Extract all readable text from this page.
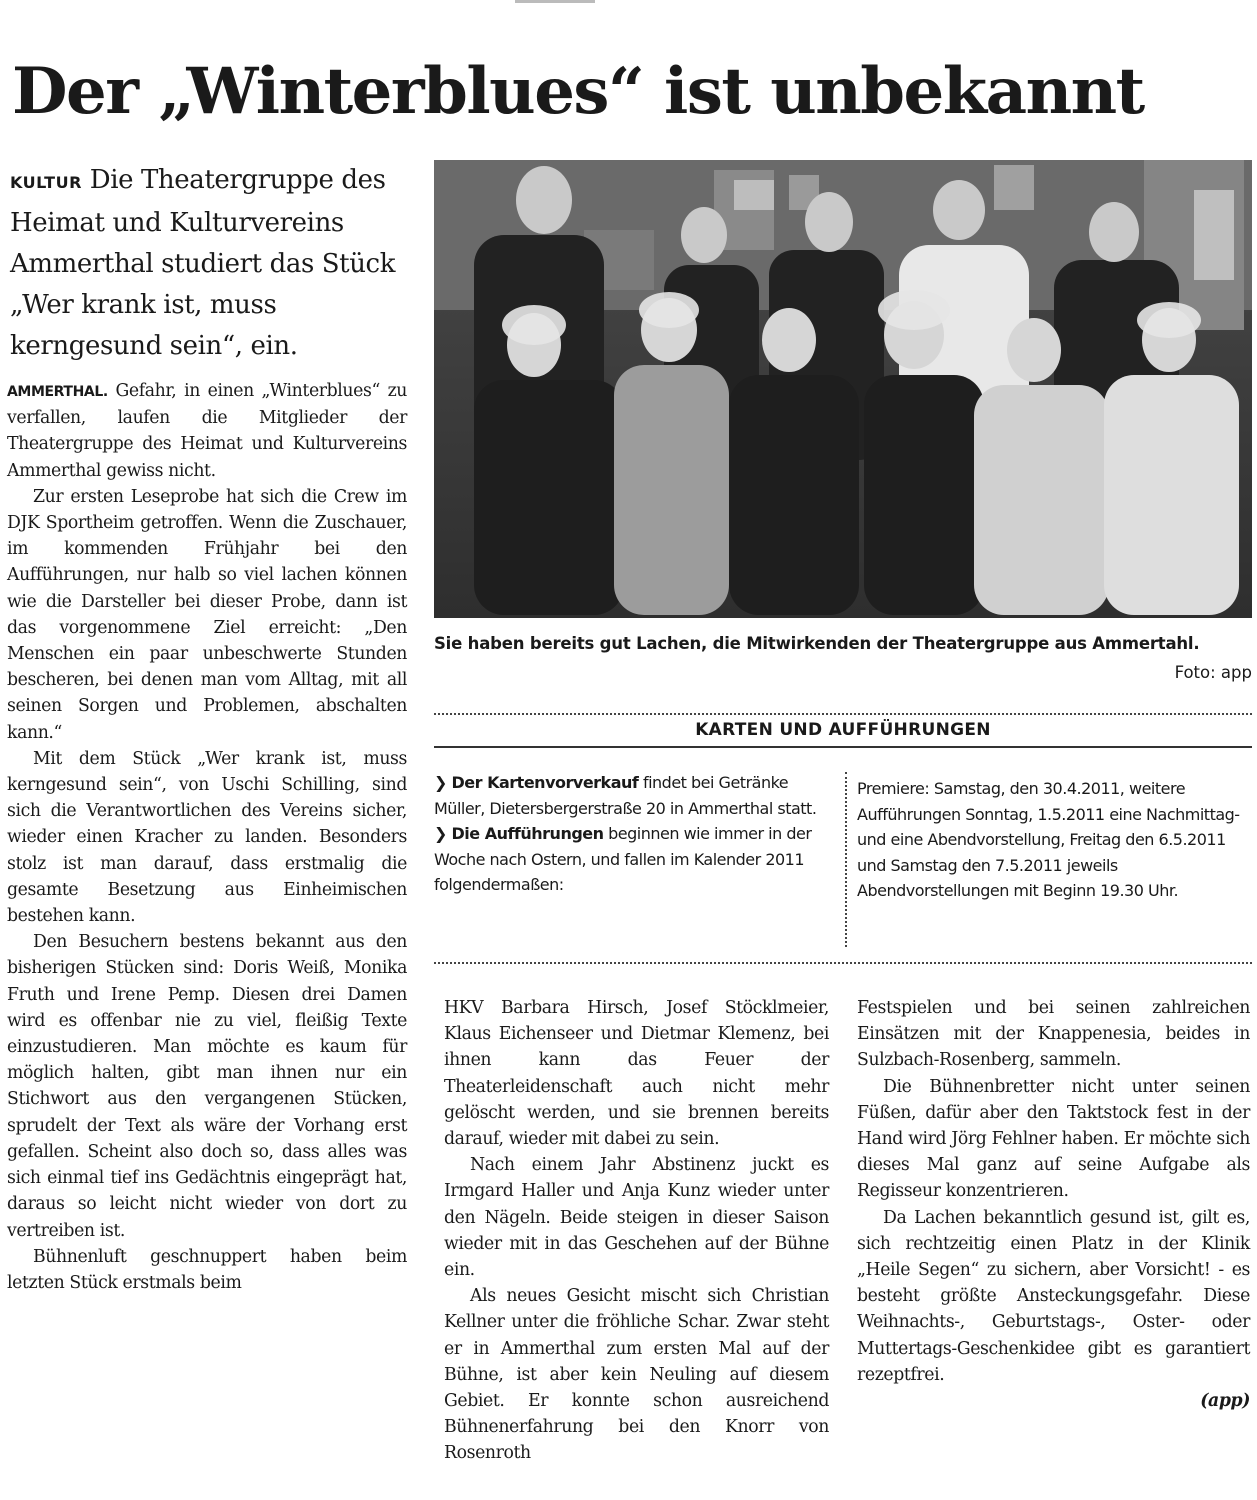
Der „Winterblues“ ist unbekannt
KULTUR Die Theatergruppe des Heimat und Kulturvereins Ammerthal studiert das Stück „Wer krank ist, muss kerngesund sein“, ein.

AMMERTHAL. Gefahr, in einen „Winterblues“ zu verfallen, laufen die Mitglieder der Theatergruppe des Heimat und Kulturvereins Ammerthal gewiss nicht.

Zur ersten Leseprobe hat sich die Crew im DJK Sportheim getroffen. Wenn die Zuschauer, im kommenden Frühjahr bei den Aufführungen, nur halb so viel lachen können wie die Darsteller bei dieser Probe, dann ist das vorgenommene Ziel erreicht: „Den Menschen ein paar unbeschwerte Stunden bescheren, bei denen man vom Alltag, mit all seinen Sorgen und Problemen, abschalten kann.“

Mit dem Stück „Wer krank ist, muss kerngesund sein“, von Uschi Schilling, sind sich die Verantwortlichen des Vereins sicher, wieder einen Kracher zu landen. Besonders stolz ist man darauf, dass erstmalig die gesamte Besetzung aus Einheimischen bestehen kann.

Den Besuchern bestens bekannt aus den bisherigen Stücken sind: Doris Weiß, Monika Fruth und Irene Pemp. Diesen drei Damen wird es offenbar nie zu viel, fleißig Texte einzustudieren. Man möchte es kaum für möglich halten, gibt man ihnen nur ein Stichwort aus den vergangenen Stücken, sprudelt der Text als wäre der Vorhang erst gefallen. Scheint also doch so, dass alles was sich einmal tief ins Gedächtnis eingeprägt hat, daraus so leicht nicht wieder von dort zu vertreiben ist.

Bühnenluft geschnuppert haben beim letzten Stück erstmals beim

Sie haben bereits gut Lachen, die Mitwirkenden der Theatergruppe aus Ammertahl.

Foto: app
KARTEN UND AUFFÜHRUNGEN

❯ Der Kartenvorverkauf findet bei Getränke Müller, Dietersbergerstraße 20 in Ammerthal statt.

❯ Die Aufführungen beginnen wie immer in der Woche nach Ostern, und fallen im Kalender 2011 folgendermaßen:

Premiere: Samstag, den 30.4.2011, weitere Aufführungen Sonntag, 1.5.2011 eine Nachmittag- und eine Abendvorstellung, Freitag den 6.5.2011 und Samstag den 7.5.2011 jeweils Abendvorstellungen mit Beginn 19.30 Uhr.

HKV Barbara Hirsch, Josef Stöcklmeier, Klaus Eichenseer und Dietmar Klemenz, bei ihnen kann das Feuer der Theaterleidenschaft auch nicht mehr gelöscht werden, und sie brennen bereits darauf, wieder mit dabei zu sein.

Nach einem Jahr Abstinenz juckt es Irmgard Haller und Anja Kunz wieder unter den Nägeln. Beide steigen in dieser Saison wieder mit in das Geschehen auf der Bühne ein.

Als neues Gesicht mischt sich Christian Kellner unter die fröhliche Schar. Zwar steht er in Ammerthal zum ersten Mal auf der Bühne, ist aber kein Neuling auf diesem Gebiet. Er konnte schon ausreichend Bühnenerfahrung bei den Knorr von Rosenroth

Festspielen und bei seinen zahlreichen Einsätzen mit der Knappenesia, beides in Sulzbach-Rosenberg, sammeln.

Die Bühnenbretter nicht unter seinen Füßen, dafür aber den Taktstock fest in der Hand wird Jörg Fehlner haben. Er möchte sich dieses Mal ganz auf seine Aufgabe als Regisseur konzentrieren.

Da Lachen bekanntlich gesund ist, gilt es, sich rechtzeitig einen Platz in der Klinik „Heile Segen“ zu sichern, aber Vorsicht! - es besteht größte Ansteckungsgefahr. Diese Weihnachts-, Geburtstags-, Oster- oder Muttertags-Geschenkidee gibt es garantiert rezeptfrei.

(app)
